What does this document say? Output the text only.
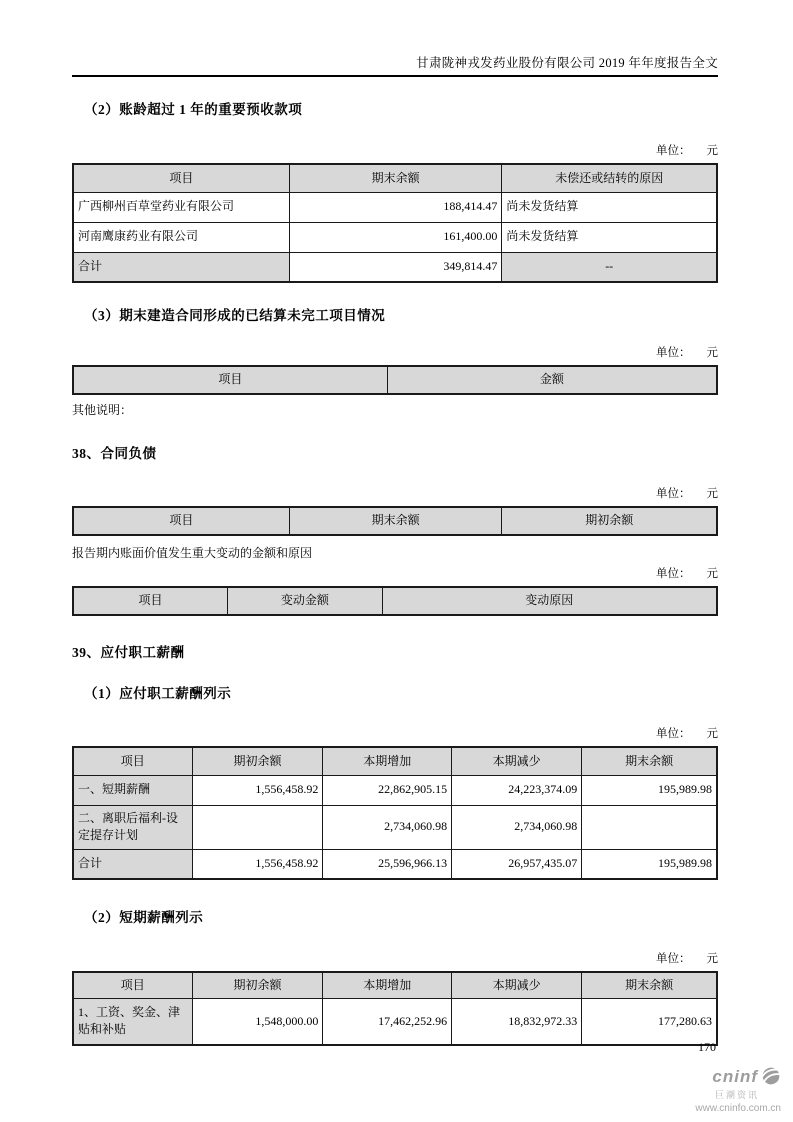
甘肃陇神戎发药业股份有限公司 2019 年年度报告全文
（2）账龄超过 1 年的重要预收款项
单位： 元
项目	期末余额	未偿还或结转的原因
广西柳州百草堂药业有限公司	188,414.47	尚未发货结算
河南鹰康药业有限公司	161,400.00	尚未发货结算
合计	349,814.47	--
（3）期末建造合同形成的已结算未完工项目情况
单位： 元
项目	金额
其他说明：
38、合同负债
单位： 元
项目	期末余额	期初余额
报告期内账面价值发生重大变动的金额和原因
单位： 元
项目	变动金额	变动原因
39、应付职工薪酬
（1）应付职工薪酬列示
单位： 元
项目	期初余额	本期增加	本期减少	期末余额
一、短期薪酬	1,556,458.92	22,862,905.15	24,223,374.09	195,989.98
二、离职后福利-设定提存计划		2,734,060.98	2,734,060.98	
合计	1,556,458.92	25,596,966.13	26,957,435.07	195,989.98
（2）短期薪酬列示
单位： 元
项目	期初余额	本期增加	本期减少	期末余额
1、工资、奖金、津贴和补贴	1,548,000.00	17,462,252.96	18,832,972.33	177,280.63
170
cninf
巨潮资讯
www.cninfo.com.cn
